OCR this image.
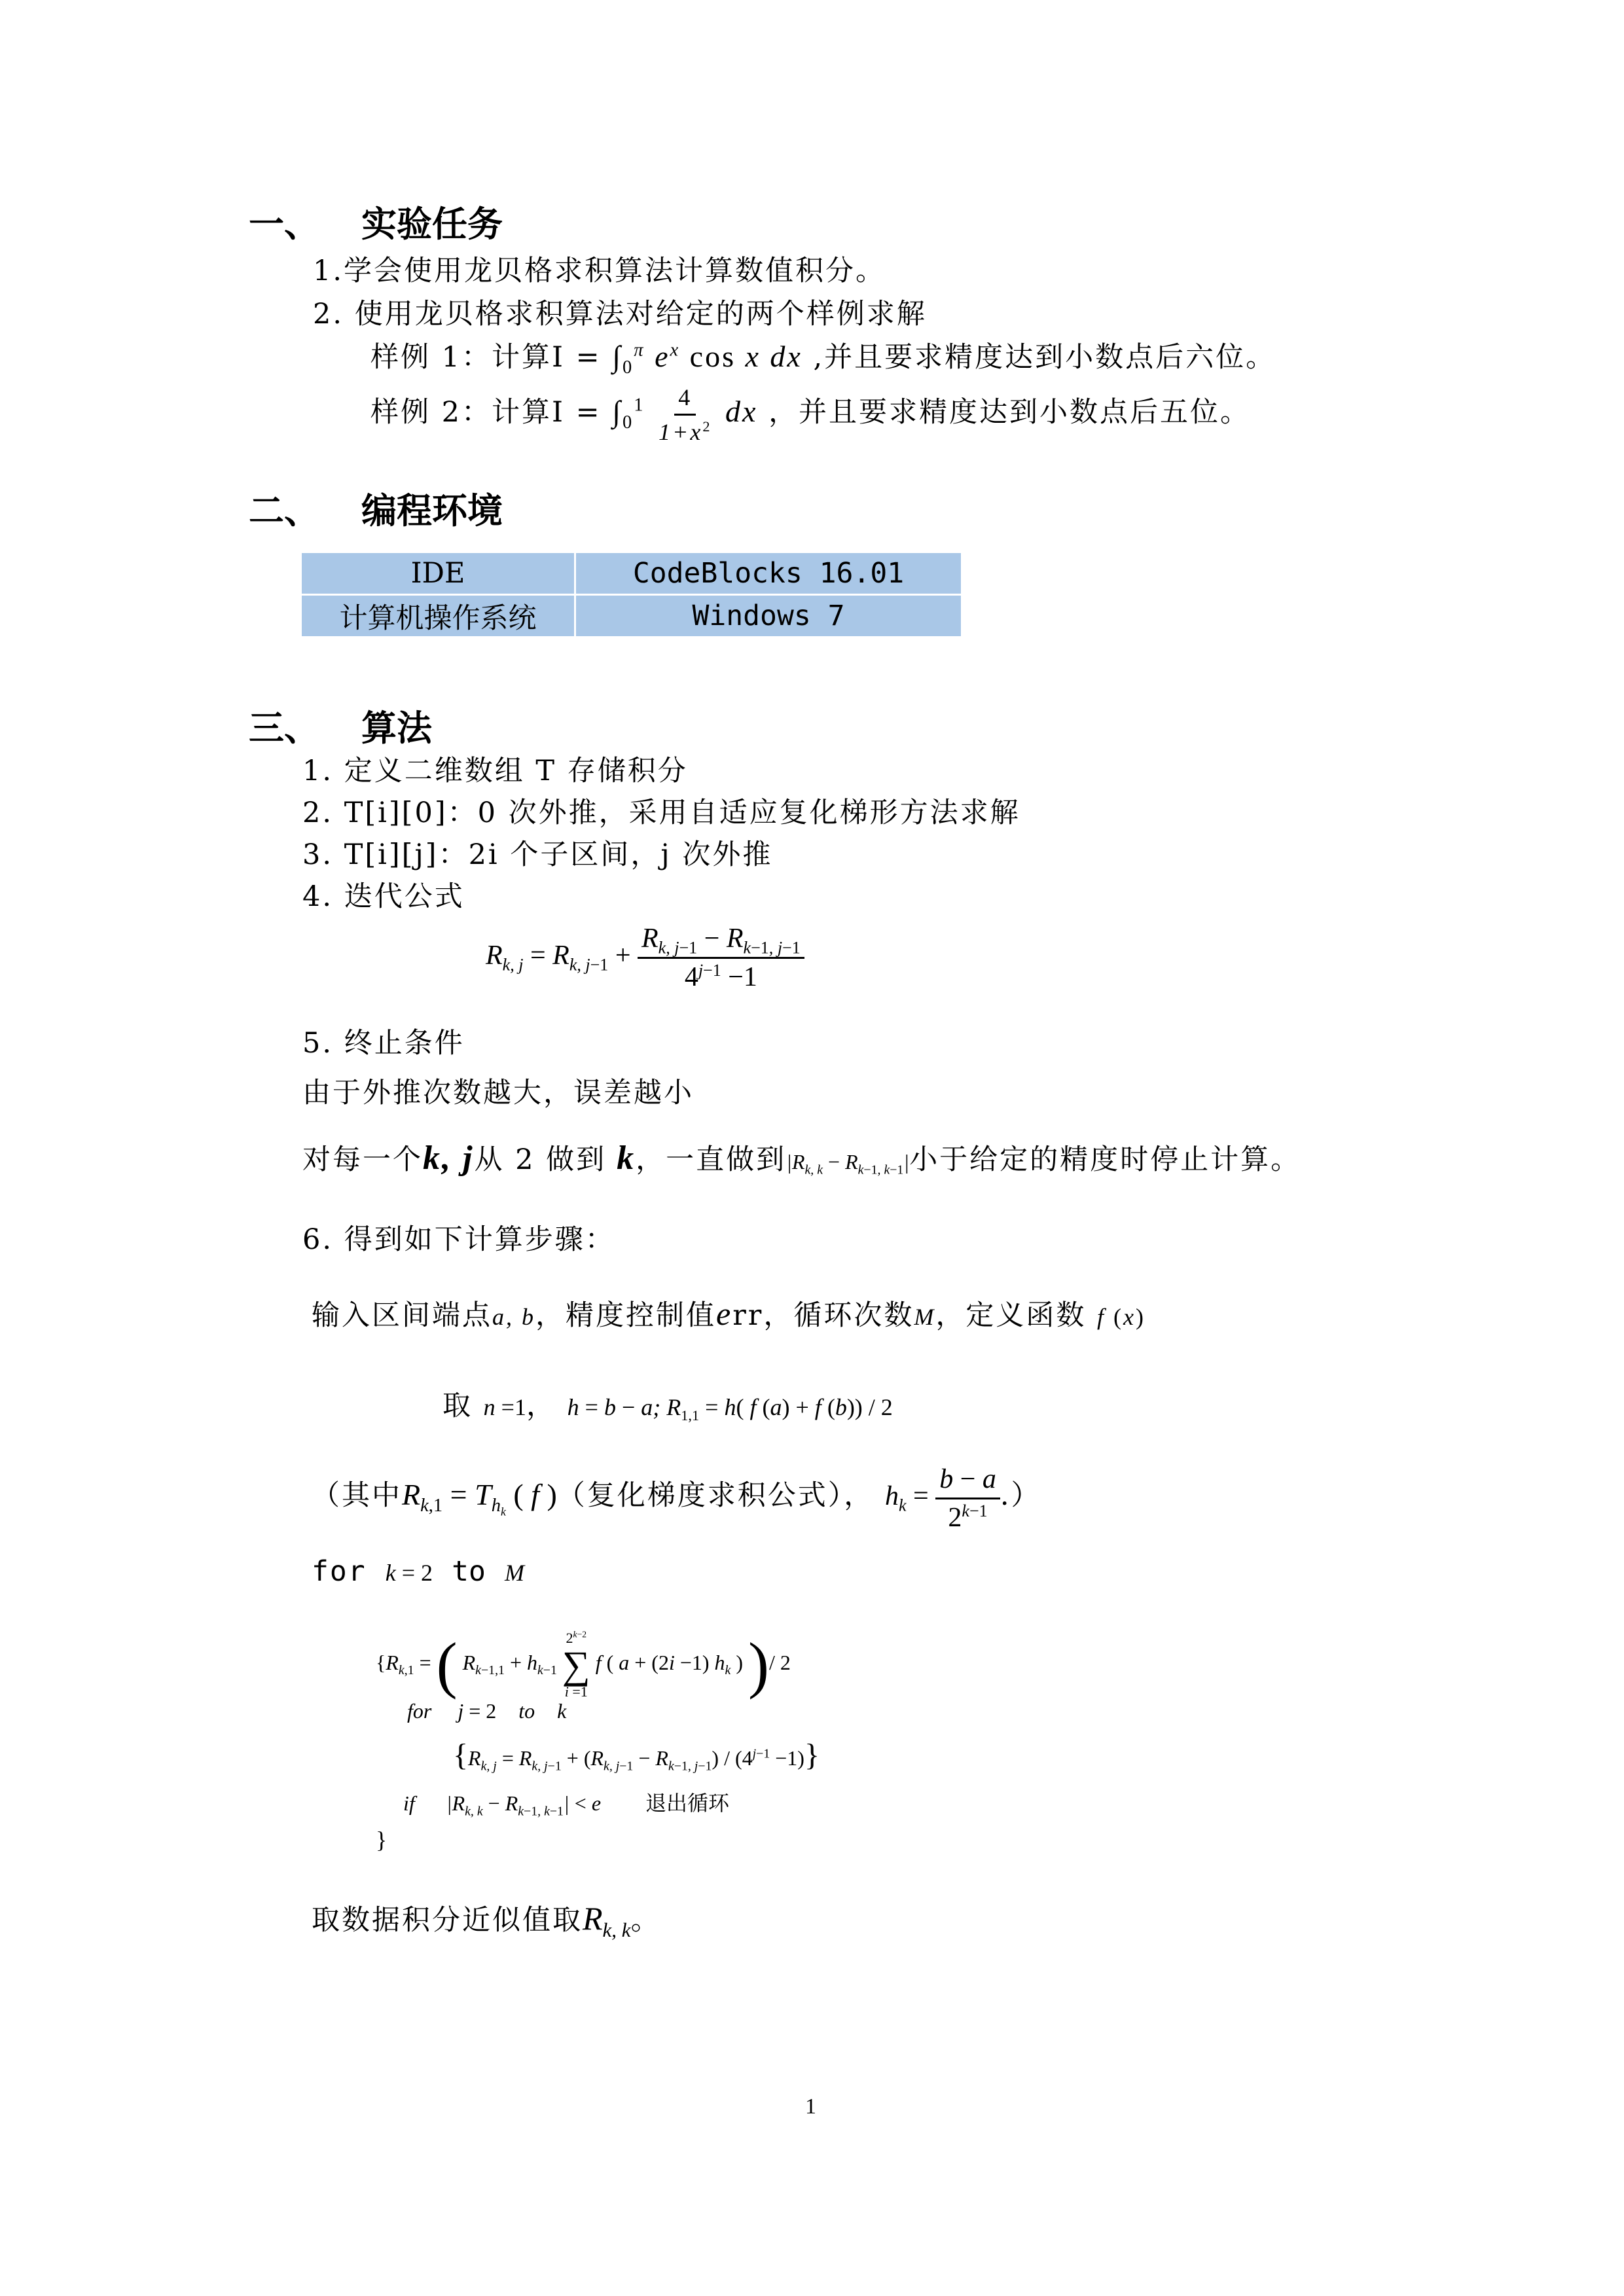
一、 实验任务
1.学会使用龙贝格求积算法计算数值积分。
2. 使用龙贝格求积算法对给定的两个样例求解
样例 1：计算$I = \int_0^\pi$ $e^x$ cos x dx ,并且要求精度达到小数点后六位。
样例 2：计算$I = \int_0^1 \frac{4}{1+x^2}$ dx ，并且要求精度达到小数点后五位。
二、 编程环境
IDE	CodeBlocks 16.01
计算机操作系统	Windows 7
三、 算法
1. 定义二维数组 T 存储积分
2. T[i][0]：0 次外推，采用自适应复化梯形方法求解
3. T[i][j]：2i 个子区间，j 次外推
4. 迭代公式
$R_{k, j} = R_{k, j-1} + \frac{R_{k, j-1} - R_{k-1, j-1}}{4^{j-1} -1}$
5. 终止条件
由于外推次数越大，误差越小
对每一个k, j从 2 做到 k，一直做到$|R_{k, k} - R_{k-1, k-1}|$小于给定的精度时停止计算。
6. 得到如下计算步骤：
输入区间端点a, b，精度控制值err，循环次数M，定义函数 f (x)
取 n =1， h = b − a; $R_{1,1} = h$( f (a) + f (b)) / 2
（其中$R_{k,1} = T_{h_k}$ ( f )（复化梯度求积公式）， $h_k = \frac{b - a}{2^{k-1}}$ .）
for k = 2 to M
{$R_{k,1}$ = ( $R_{k-1,1} + h_{k-1}$
$2^{k-2}$
∑
i =1
f ( a + (2i −1) $h_k$ ) )/ 2
for j = 2 to k
$\{R_{k, j} = R_{k, j-1} + (R_{k, j-1} - R_{k-1, j-1}) / (4^{j-1} -1)\}$
if $|R_{k, k} - R_{k-1, k-1}| < e$ 退出循环
}
取数据积分近似值取$R_{k, k}$。
1
